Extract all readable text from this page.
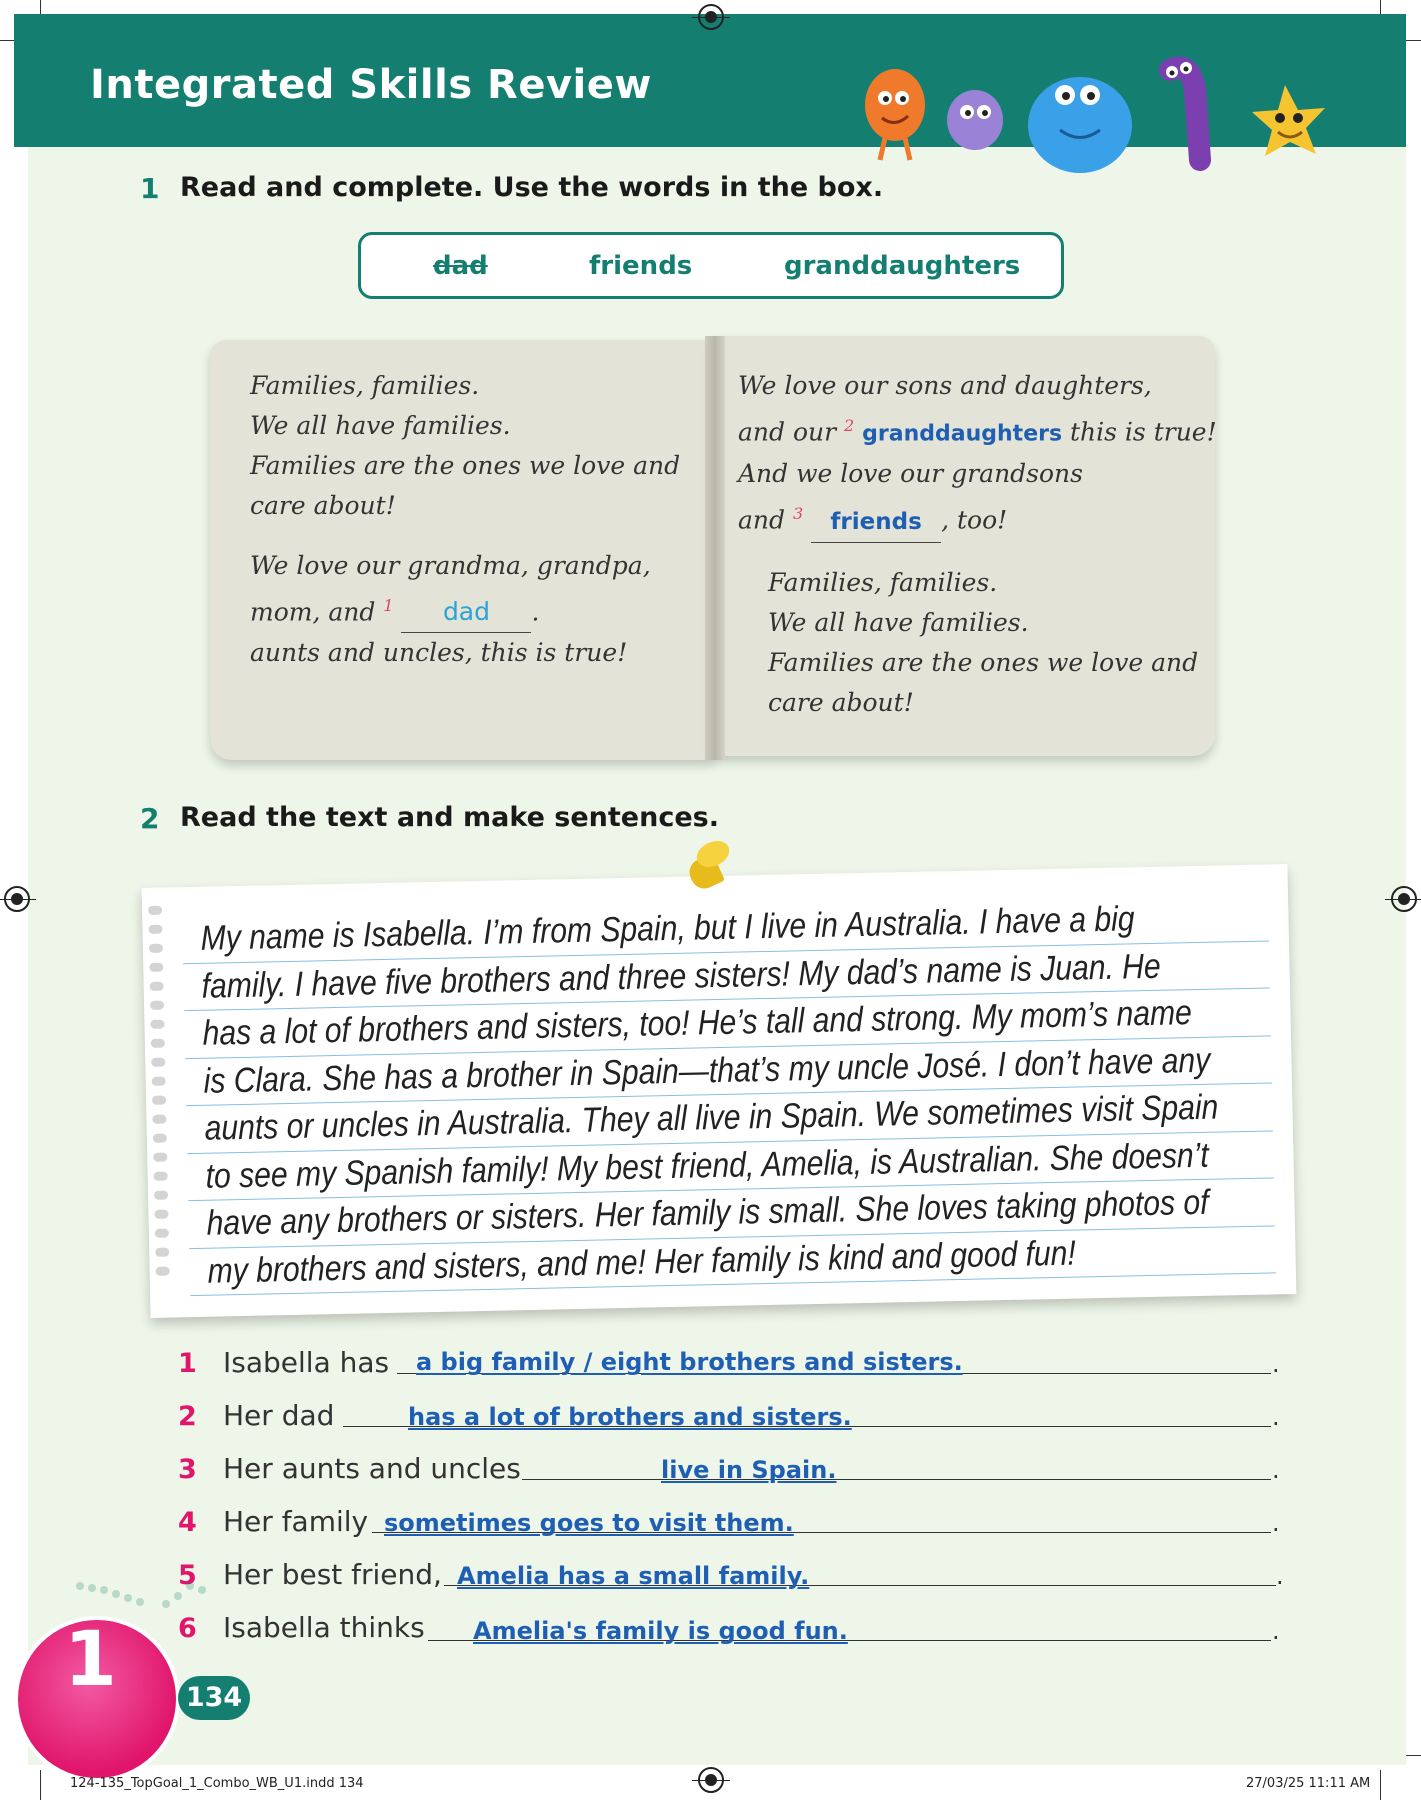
Integrated Skills Review
1 Read and complete. Use the words in the box.
dad	friends	granddaughters
Families, families.
We all have families.
Families are the ones we love and
care about!
We love our grandma, grandpa,
mom, and $^1$ dad .
aunts and uncles, this is true!
We love our sons and daughters,
and our $^2$ granddaughters this is true!
And we love our grandsons
and $^3$ friends , too!
Families, families.
We all have families.
Families are the ones we love and
care about!
2 Read the text and make sentences.
My name is Isabella. I’m from Spain, but I live in Australia. I have a big
family. I have five brothers and three sisters! My dad’s name is Juan. He
has a lot of brothers and sisters, too! He’s tall and strong. My mom’s name
is Clara. She has a brother in Spain—that’s my uncle José. I don’t have any
aunts or uncles in Australia. They all live in Spain. We sometimes visit Spain
to see my Spanish family! My best friend, Amelia, is Australian. She doesn’t
have any brothers or sisters. Her family is small. She loves taking photos of
my brothers and sisters, and me! Her family is kind and good fun!
1 Isabella has a big family / eight brothers and sisters.	.
2 Her dad	has a lot of brothers and sisters.	.
3 Her aunts and uncles	live in Spain.	.
4 Her family sometimes goes to visit them.	.
5 Her best friend, Amelia has a small family.	.
6 Isabella thinks Amelia's family is good fun.	.
1	134
124-135_TopGoal_1_Combo_WB_U1.indd 134	27/03/25 11:11 AM
